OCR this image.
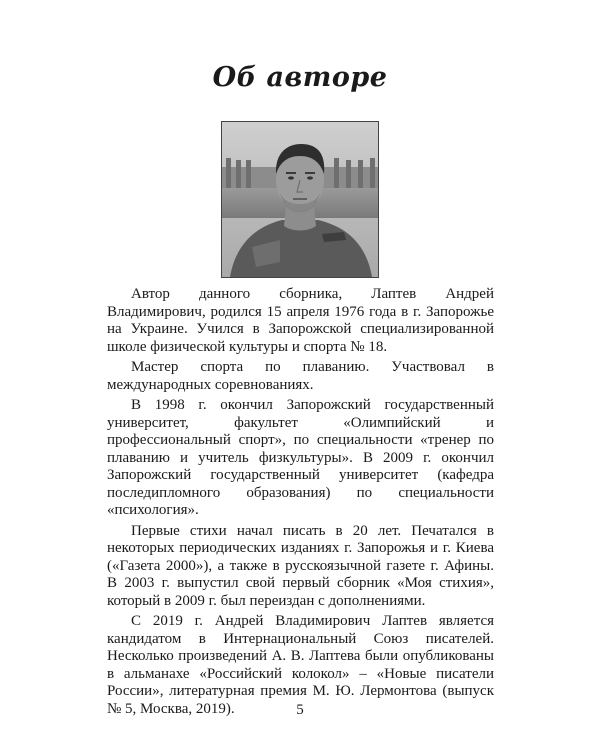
Об авторе

Автор данного сборника, Лаптев Андрей Владимирович, родился 15 апреля 1976 года в г. Запорожье на Украине. Учился в Запорожской специализированной школе физической культуры и спорта № 18.

Мастер спорта по плаванию. Участвовал в международных соревнованиях.

В 1998 г. окончил Запорожский государственный университет, факультет «Олимпийский и профессиональный спорт», по специальности «тренер по плаванию и учитель физкультуры». В 2009 г. окончил Запорожский государственный университет (кафедра последипломного образования) по специальности «психология».

Первые стихи начал писать в 20 лет. Печатался в некоторых периодических изданиях г. Запорожья и г. Киева («Газета 2000»), а также в русскоязычной газете г. Афины. В 2003 г. выпустил свой первый сборник «Моя стихия», который в 2009 г. был переиздан с дополнениями.

С 2019 г. Андрей Владимирович Лаптев является кандидатом в Интернациональный Союз писателей. Несколько произведений А. В. Лаптева были опубликованы в альманахе «Российский колокол» – «Новые писатели России», литературная премия М. Ю. Лермонтова (выпуск № 5, Москва, 2019).	5
